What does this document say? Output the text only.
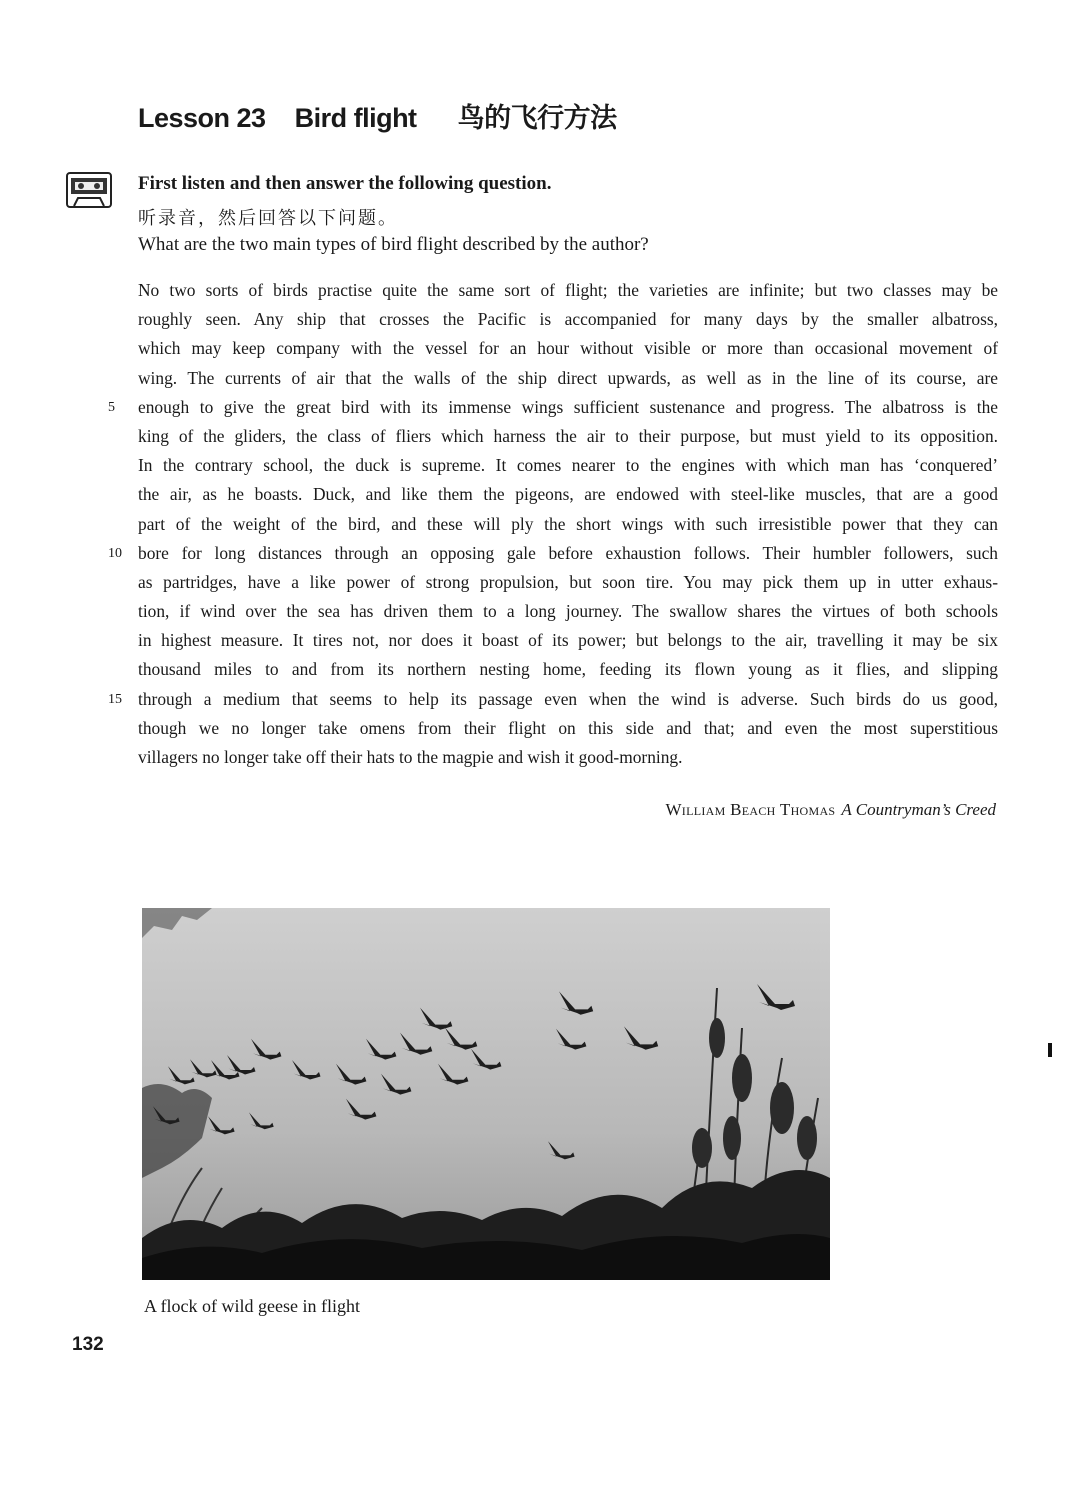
Lesson 23 Bird flight 鸟的飞行方法
First listen and then answer the following question.
听录音，然后回答以下问题。
What are the two main types of bird flight described by the author?
No two sorts of birds practise quite the same sort of flight; the varieties are infinite; but two classes may be
roughly seen. Any ship that crosses the Pacific is accompanied for many days by the smaller albatross,
which may keep company with the vessel for an hour without visible or more than occasional movement of
wing. The currents of air that the walls of the ship direct upwards, as well as in the line of its course, are
5	enough to give the great bird with its immense wings sufficient sustenance and progress. The albatross is the
king of the gliders, the class of fliers which harness the air to their purpose, but must yield to its opposition.
In the contrary school, the duck is supreme. It comes nearer to the engines with which man has ‘conquered’
the air, as he boasts. Duck, and like them the pigeons, are endowed with steel-like muscles, that are a good
part of the weight of the bird, and these will ply the short wings with such irresistible power that they can
10 bore for long distances through an opposing gale before exhaustion follows. Their humbler followers, such
as partridges, have a like power of strong propulsion, but soon tire. You may pick them up in utter exhaus-
tion, if wind over the sea has driven them to a long journey. The swallow shares the virtues of both schools
in highest measure. It tires not, nor does it boast of its power; but belongs to the air, travelling it may be six
thousand miles to and from its northern nesting home, feeding its flown young as it flies, and slipping
15 through a medium that seems to help its passage even when the wind is adverse. Such birds do us good,
though we no longer take omens from their flight on this side and that; and even the most superstitious
villagers no longer take off their hats to the magpie and wish it good-morning.
William Beach Thomas A Countryman’s Creed
A flock of wild geese in flight
132
